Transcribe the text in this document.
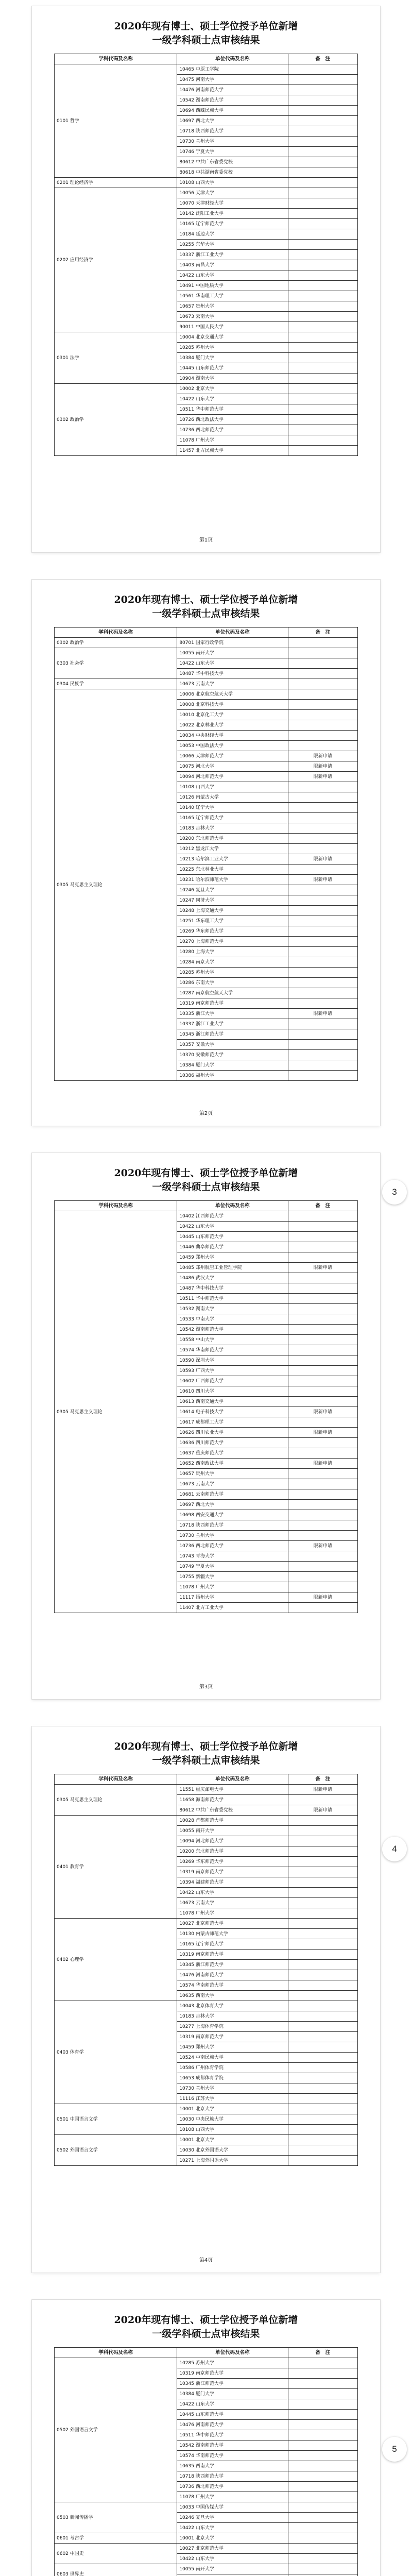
2020年现有博士、硕士学位授予单位新增
一级学科硕士点审核结果
学科代码及名称	单位代码及名称	备　注
0101 哲学	10465 中原工学院	
	10475 河南大学	
	10476 河南师范大学	
	10542 湖南师范大学	
	10694 西藏民族大学	
	10697 西北大学	
	10718 陕西师范大学	
	10730 兰州大学	
	10746 宁夏大学	
	80612 中共广东省委党校	
	80618 中共湖南省委党校	
0201 理论经济学	10108 山西大学	
0202 应用经济学	10056 天津大学	
	10070 天津财经大学	
	10142 沈阳工业大学	
	10165 辽宁师范大学	
	10184 延边大学	
	10255 东华大学	
	10337 浙江工业大学	
	10403 南昌大学	
	10422 山东大学	
	10491 中国地质大学	
	10561 华南理工大学	
	10657 贵州大学	
	10673 云南大学	
	90011 中国人民大学	
0301 法学	10004 北京交通大学	
	10285 苏州大学	
	10384 厦门大学	
	10445 山东师范大学	
	10904 湖南大学	
0302 政治学	10002 北京大学	
	10422 山东大学	
	10511 华中师范大学	
	10726 西北政法大学	
	10736 西北师范大学	
	11078 广州大学	
	11457 北方民族大学	
第1页
2020年现有博士、硕士学位授予单位新增
一级学科硕士点审核结果
学科代码及名称	单位代码及名称	备　注
0302 政治学	80701 国家行政学院	
0303 社会学	10055 南开大学	
	10422 山东大学	
	10487 华中科技大学	
0304 民族学	10673 云南大学	
0305 马克思主义理论	10006 北京航空航天大学	
	10008 北京科技大学	
	10010 北京化工大学	
	10022 北京林业大学	
	10034 中央财经大学	
	10053 中国政法大学	
	10066 天津师范大学	限新申请
	10075 河北大学	限新申请
	10094 河北师范大学	限新申请
	10108 山西大学	
	10126 内蒙古大学	
	10140 辽宁大学	
	10165 辽宁师范大学	
	10183 吉林大学	
	10200 东北师范大学	
	10212 黑龙江大学	
	10213 哈尔滨工业大学	限新申请
	10225 东北林业大学	
	10231 哈尔滨师范大学	限新申请
	10246 复旦大学	
	10247 同济大学	
	10248 上海交通大学	
	10251 华东理工大学	
	10269 华东师范大学	
	10270 上海师范大学	
	10280 上海大学	
	10284 南京大学	
	10285 苏州大学	
	10286 东南大学	
	10287 南京航空航天大学	
	10319 南京师范大学	
	10335 浙江大学	限新申请
	10337 浙江工业大学	
	10345 浙江师范大学	
	10357 安徽大学	
	10370 安徽师范大学	
	10384 厦门大学	
	10386 福州大学	
第2页
2020年现有博士、硕士学位授予单位新增
一级学科硕士点审核结果
学科代码及名称	单位代码及名称	备　注
0305 马克思主义理论	10402 江西师范大学	
	10422 山东大学	
	10445 山东师范大学	
	10446 曲阜师范大学	
	10459 郑州大学	
	10485 郑州航空工业管理学院	限新申请
	10486 武汉大学	
	10487 华中科技大学	
	10511 华中师范大学	
	10532 湖南大学	
	10533 中南大学	
	10542 湖南师范大学	
	10558 中山大学	
	10574 华南师范大学	
	10590 深圳大学	
	10593 广西大学	
	10602 广西师范大学	
	10610 四川大学	
	10613 西南交通大学	
	10614 电子科技大学	限新申请
	10617 成都理工大学	
	10626 四川农业大学	限新申请
	10636 四川师范大学	
	10637 重庆师范大学	
	10652 西南政法大学	限新申请
	10657 贵州大学	
	10673 云南大学	
	10681 云南师范大学	
	10697 西北大学	
	10698 西安交通大学	
	10718 陕西师范大学	
	10730 兰州大学	
	10736 西北师范大学	限新申请
	10743 青海大学	
	10749 宁夏大学	
	10755 新疆大学	
	11078 广州大学	
	11117 扬州大学	限新申请
	11407 北方工业大学	
第3页
2020年现有博士、硕士学位授予单位新增
一级学科硕士点审核结果
学科代码及名称	单位代码及名称	备　注
0305 马克思主义理论	11551 重庆邮电大学	限新申请
	11658 海南师范大学	
	80612 中共广东省委党校	限新申请
0401 教育学	10028 首都师范大学	
	10055 南开大学	
	10094 河北师范大学	
	10200 东北师范大学	
	10269 华东师范大学	
	10319 南京师范大学	
	10394 福建师范大学	
	10422 山东大学	
	10673 云南大学	
	11078 广州大学	
0402 心理学	10027 北京师范大学	
	10130 内蒙古师范大学	
	10165 辽宁师范大学	
	10319 南京师范大学	
	10345 浙江师范大学	
	10476 河南师范大学	
	10574 华南师范大学	
	10635 西南大学	
0403 体育学	10043 北京体育大学	
	10183 吉林大学	
	10277 上海体育学院	
	10319 南京师范大学	
	10459 郑州大学	
	10524 中南民族大学	
	10586 广州体育学院	
	10653 成都体育学院	
	10730 兰州大学	
	11116 江苏大学	
0501 中国语言文学	10001 北京大学	
	10030 中央民族大学	
	10108 山西大学	
0502 外国语言文学	10001 北京大学	
	10030 北京外国语大学	
	10271 上海外国语大学	
第4页
2020年现有博士、硕士学位授予单位新增
一级学科硕士点审核结果
学科代码及名称	单位代码及名称	备　注
0502 外国语言文学	10285 苏州大学	
	10319 南京师范大学	
	10345 浙江师范大学	
	10384 厦门大学	
	10422 山东大学	
	10445 山东师范大学	
	10476 河南师范大学	
	10511 华中师范大学	
	10542 湖南师范大学	
	10574 华南师范大学	
	10635 西南大学	
	10718 陕西师范大学	
	10736 西北师范大学	
	11078 广州大学	
0503 新闻传播学	10033 中国传媒大学	
	10246 复旦大学	
	10422 山东大学	
0601 考古学	10001 北京大学	
0602 中国史	10027 北京师范大学	
	10422 山东大学	
0603 世界史	10055 南开大学	

3
4
5
